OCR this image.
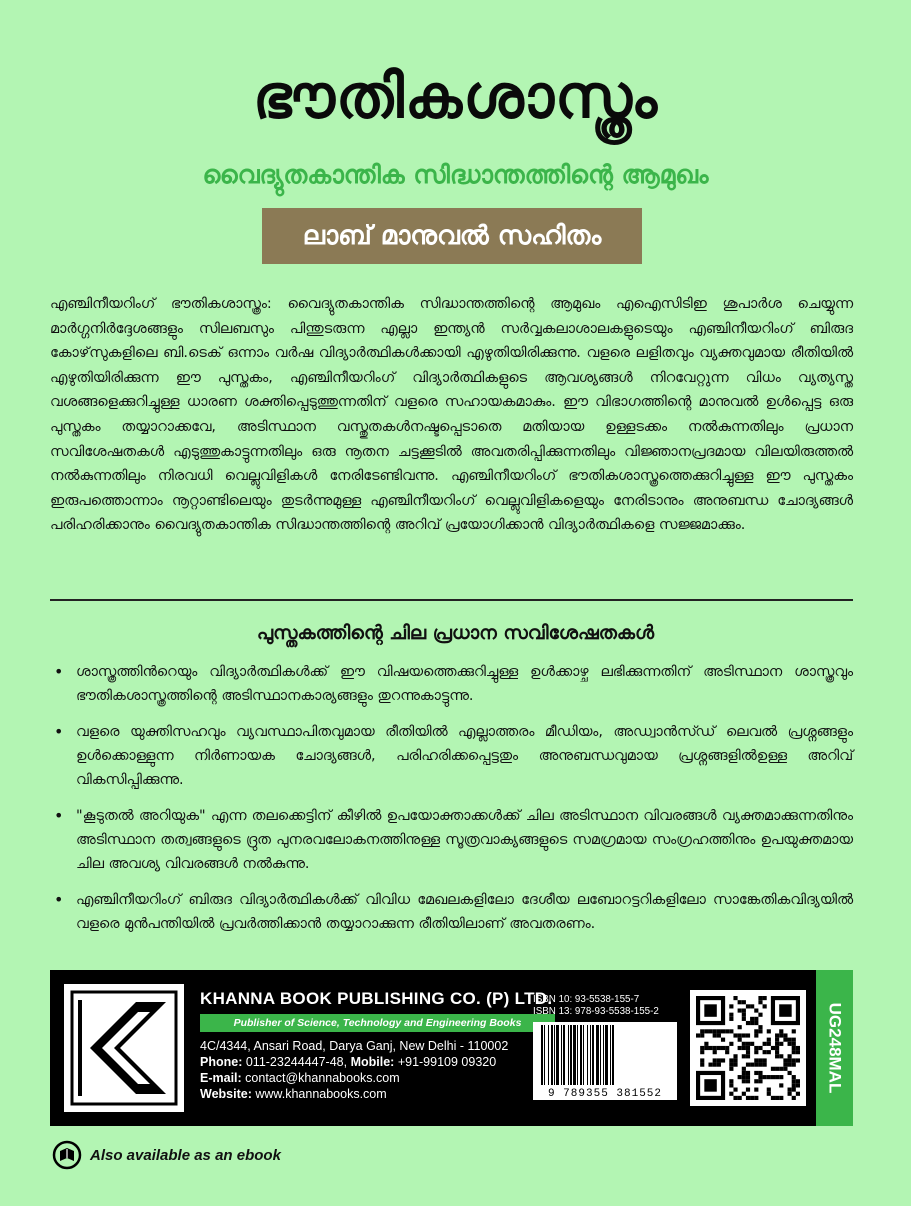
ഭൗതികശാസ്ത്രം
വൈദ്യുതകാന്തിക സിദ്ധാന്തത്തിന്റെ ആമുഖം
ലാബ് മാനുവൽ സഹിതം

എഞ്ചിനീയറിംഗ് ഭൗതികശാസ്ത്രം: വൈദ്യുതകാന്തിക സിദ്ധാന്തത്തിന്റെ ആമുഖം എഐസിടിഇ ശുപാർശ ചെയ്യുന്ന മാർഗ്ഗനിർദ്ദേശങ്ങളും സിലബസും പിന്തുടരുന്ന എല്ലാ ഇന്ത്യൻ സർവ്വകലാശാലകളുടെയും എഞ്ചിനീയറിംഗ് ബിരുദ കോഴ്‌സുകളിലെ ബി.ടെക് ഒന്നാം വർഷ വിദ്യാർത്ഥികൾക്കായി എഴുതിയിരിക്കുന്നു. വളരെ ലളിതവും വ്യക്തവുമായ രീതിയിൽ എഴുതിയിരിക്കുന്ന ഈ പുസ്തകം, എഞ്ചിനീയറിംഗ് വിദ്യാർത്ഥികളുടെ ആവശ്യങ്ങൾ നിറവേറ്റുന്ന വിധം വ്യത്യസ്ത വശങ്ങളെക്കുറിച്ചുള്ള ധാരണ ശക്തിപ്പെടുത്തുന്നതിന് വളരെ സഹായകമാകും. ഈ വിഭാഗത്തിന്റെ മാനുവൽ ഉൾപ്പെട്ട ഒരു പുസ്തകം തയ്യാറാക്കവേ, അടിസ്ഥാന വസ്തുതകൾനഷ്ടപ്പെടാതെ മതിയായ ഉള്ളടക്കം നൽകുന്നതിലും പ്രധാന സവിശേഷതകൾ എടുത്തുകാട്ടുന്നതിലും ഒരു നൂതന ചട്ടക്കൂടിൽ അവതരിപ്പിക്കുന്നതിലും വിജ്ഞാനപ്രദമായ വിലയിരുത്തൽ നൽകുന്നതിലും നിരവധി വെല്ലുവിളികൾ നേരിടേണ്ടിവന്നു. എഞ്ചിനീയറിംഗ് ഭൗതികശാസ്ത്രത്തെക്കുറിച്ചുള്ള ഈ പുസ്തകം ഇരുപത്തൊന്നാം നൂറ്റാണ്ടിലെയും തുടർന്നുമുള്ള എഞ്ചിനീയറിംഗ് വെല്ലുവിളികളെയും നേരിടാനും അനുബന്ധ ചോദ്യങ്ങൾ പരിഹരിക്കാനും വൈദ്യുതകാന്തിക സിദ്ധാന്തത്തിന്റെ അറിവ് പ്രയോഗിക്കാൻ വിദ്യാർത്ഥികളെ സജ്ജമാക്കും.

പുസ്തകത്തിന്റെ ചില പ്രധാന സവിശേഷതകൾ
• ശാസ്ത്രത്തിൻറെയും വിദ്യാർത്ഥികൾക്ക് ഈ വിഷയത്തെക്കുറിച്ചുള്ള ഉൾക്കാഴ്ച ലഭിക്കുന്നതിന് അടിസ്ഥാന ശാസ്ത്രവും ഭൗതികശാസ്ത്രത്തിന്റെ അടിസ്ഥാനകാര്യങ്ങളും തുറന്നുകാട്ടുന്നു.
• വളരെ യുക്തിസഹവും വ്യവസ്ഥാപിതവുമായ രീതിയിൽ എല്ലാത്തരം മീഡിയം, അഡ്വാൻസ്ഡ് ലെവൽ പ്രശ്നങ്ങളും ഉൾക്കൊള്ളുന്ന നിർണായക ചോദ്യങ്ങൾ, പരിഹരിക്കപ്പെട്ടതും അനുബന്ധവുമായ പ്രശ്നങ്ങളിൽഉള്ള അറിവ് വികസിപ്പിക്കുന്നു.
• "കൂടുതൽ അറിയുക" എന്ന തലക്കെട്ടിന് കീഴിൽ ഉപയോക്താക്കൾക്ക് ചില അടിസ്ഥാന വിവരങ്ങൾ വ്യക്തമാക്കുന്നതിനും അടിസ്ഥാന തത്വങ്ങളുടെ ദ്രുത പുനരവലോകനത്തിനുള്ള സൂത്രവാക്യങ്ങളുടെ സമഗ്രമായ സംഗ്രഹത്തിനും ഉപയുക്തമായ ചില അവശ്യ വിവരങ്ങൾ നൽകുന്നു.
• എഞ്ചിനീയറിംഗ് ബിരുദ വിദ്യാർത്ഥികൾക്ക് വിവിധ മേഖലകളിലോ ദേശീയ ലബോറട്ടറികളിലോ സാങ്കേതികവിദ്യയിൽ വളരെ മുൻപന്തിയിൽ പ്രവർത്തിക്കാൻ തയ്യാറാക്കുന്ന രീതിയിലാണ് അവതരണം.
KHANNA BOOK PUBLISHING CO. (P) LTD.
Publisher of Science, Technology and Engineering Books
4C/4344, Ansari Road, Darya Ganj, New Delhi - 110002
Phone: 011-23244447-48, Mobile: +91-99109 09320
E-mail: contact@khannabooks.com
Website: www.khannabooks.com
ISBN 10: 93-5538-155-7
ISBN 13: 978-93-5538-155-2
9 789355 381552
UG248MAL
Also available as an ebook
